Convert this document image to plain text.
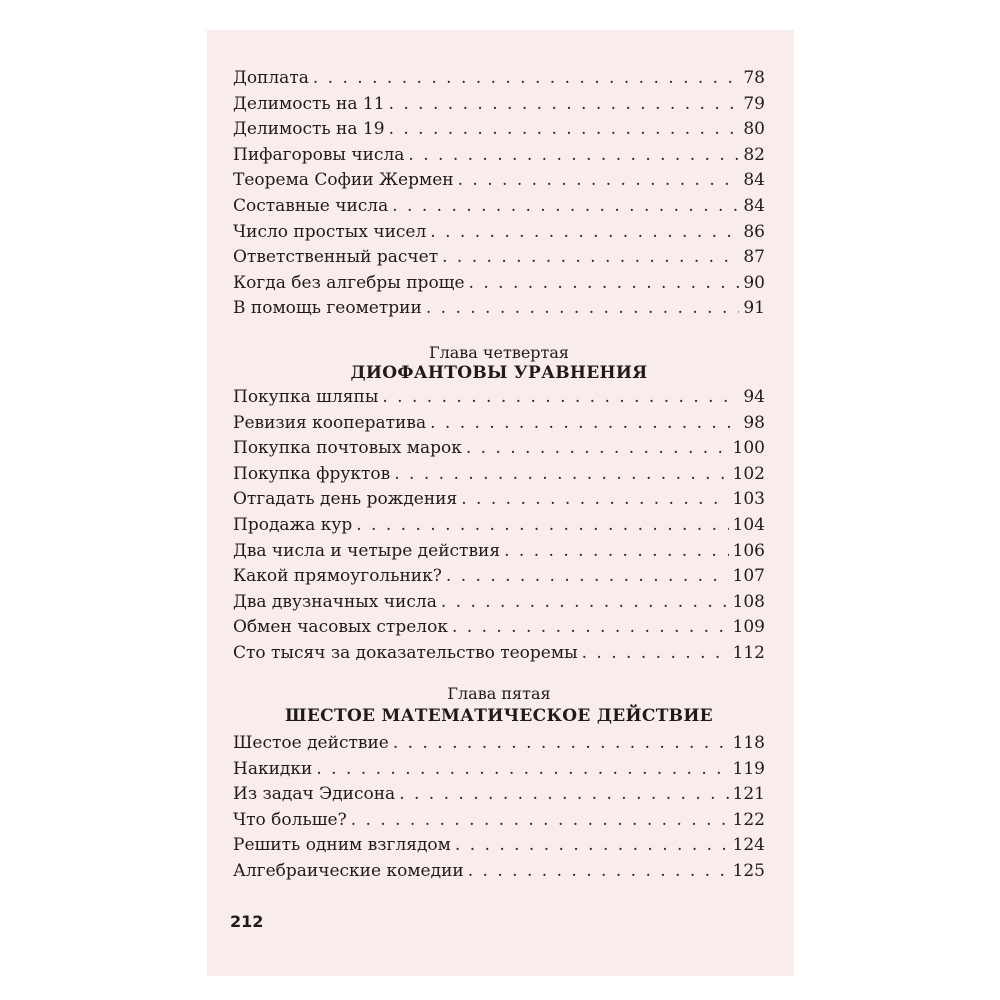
Доплата . . .	78
Делимость на 11 . . .	79
Делимость на 19 . . .	80
Пифагоровы числа . . .	82
Теорема Софии Жермен . . .	84
Составные числа . . .	84
Число простых чисел . . .	86
Ответственный расчет . . .	87
Когда без алгебры проще . . .	90
В помощь геометрии . . .	91
Глава четвертая
ДИОФАНТОВЫ УРАВНЕНИЯ
Покупка шляпы . . .	94
Ревизия кооператива . . .	98
Покупка почтовых марок . . .	100
Покупка фруктов . . .	102
Отгадать день рождения . . .	103
Продажа кур . . .	104
Два числа и четыре действия . . .	106
Какой прямоугольник? . . .	107
Два двузначных числа . . .	108
Обмен часовых стрелок . . .	109
Сто тысяч за доказательство теоремы . . .	112
Глава пятая
ШЕСТОЕ МАТЕМАТИЧЕСКОЕ ДЕЙСТВИЕ
Шестое действие . . .	118
Накидки . . .	119
Из задач Эдисона . . .	121
Что больше? . . .	122
Решить одним взглядом . . .	124
Алгебраические комедии . . .	125
212
